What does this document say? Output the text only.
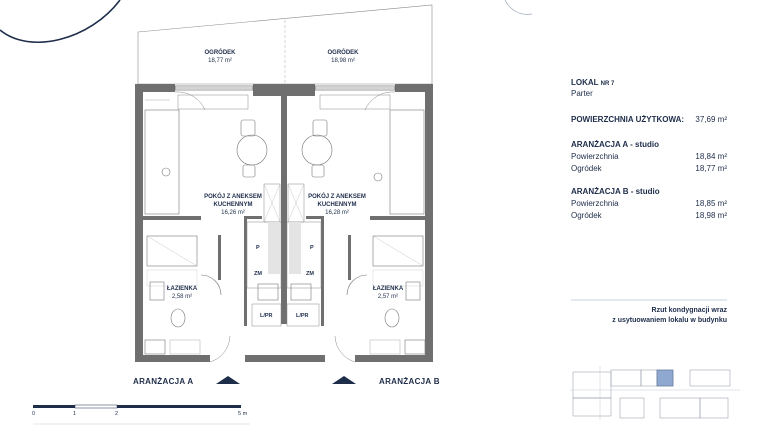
OGRÓDEK
18,77 m²
OGRÓDEK
18,98 m²
POKÓJ Z ANEKSEM
KUCHENNYM
16,26 m²
POKÓJ Z ANEKSEM
KUCHENNYM
16,28 m²
ŁAZIENKA
2,58 m²
ŁAZIENKA
2,57 m²
P	P
ZM	ZM
L/PR	L/PR
ARANŻACJA A	ARANŻACJA B
0	1	2	5 m
LOKAL NR 7
Parter
POWIERZCHNIA UŻYTKOWA: 37,69 m²
ARANŻACJA A - studio
Powierzchnia	18,84 m²
Ogródek	18,77 m²
ARANŻACJA B - studio
Powierzchnia	18,85 m²
Ogródek	18,98 m²
Rzut kondygnacji wraz
z usytuowaniem lokalu w budynku
